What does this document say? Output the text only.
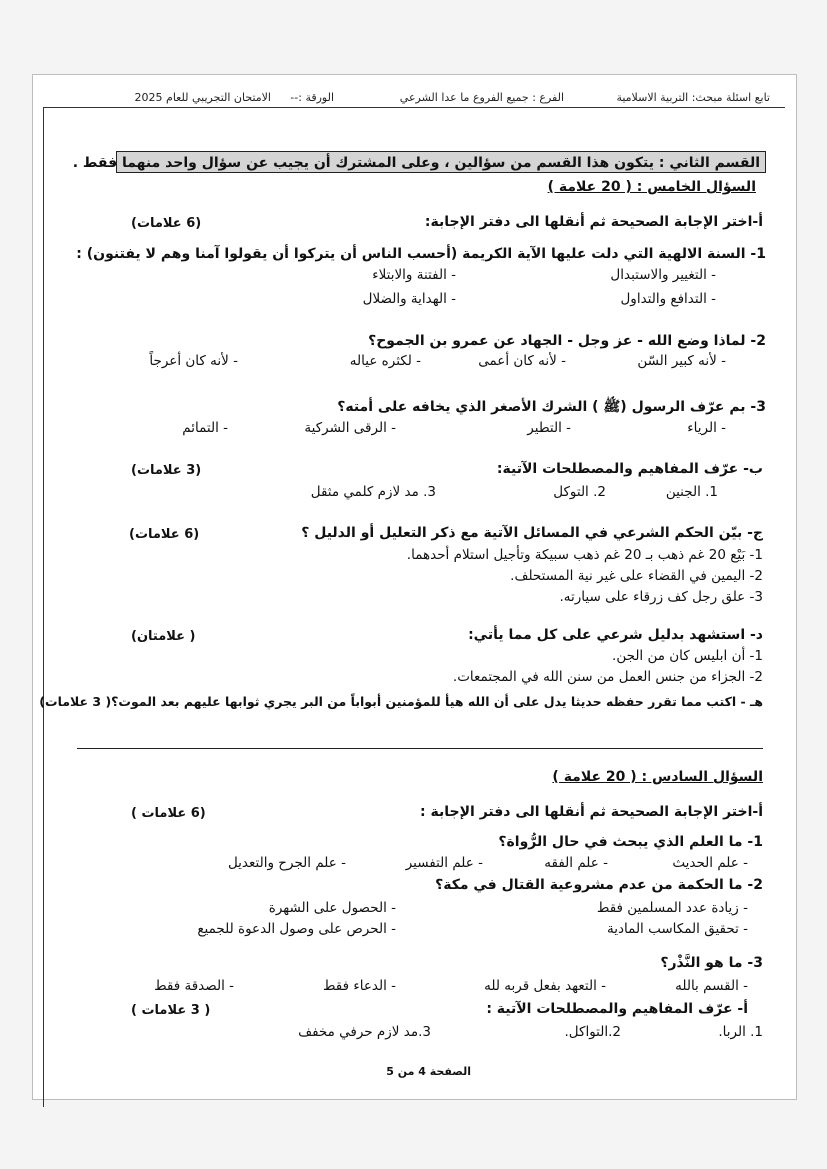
تابع اسئلة مبحث: التربية الاسلامية
الفرع : جميع الفروع ما عدا الشرعي
الورقة :--
الامتحان التجريبي للعام 2025
القسم الثاني : يتكون هذا القسم من سؤالين ، وعلى المشترك أن يجيب عن سؤال واحد منهما فقط .
السؤال الخامس : ( 20 علامة )
أ-اختر الإجابة الصحيحة ثم أنقلها الى دفتر الإجابة:
(6 علامات)
1- السنة الالهية التي دلت عليها الآية الكريمة (أحسب الناس أن يتركوا أن يقولوا آمنا وهم لا يفتنون) :
- التغيير والاستبدال
- الفتنة والابتلاء
- التدافع والتداول
- الهداية والضلال
2- لماذا وضع الله - عز وجل - الجهاد عن عمرو بن الجموح؟
- لأنه كبير السّن
- لأنه كان أعمى
- لكثره عياله
- لأنه كان أعرجاً
3- بم عرّف الرسول (ﷺ ) الشرك الأصغر الذي يخافه على أمته؟
- الرياء
- التطير
- الرقى الشركية
- التمائم
ب- عرّف المفاهيم والمصطلحات الآتية:
(3 علامات)
1. الجنين
2. التوكل
3. مد لازم كلمي مثقل
ج- بيّن الحكم الشرعي في المسائل الآتية مع ذكر التعليل أو الدليل ؟
(6 علامات)
1- بَيْع 20 غم ذهب بـ 20 غم ذهب سبيكة وتأجيل استلام أحدهما.
2- اليمين في القضاء على غير نية المستحلف.
3- علق رجل كف زرقاء على سيارته.
د- استشهد بدليل شرعي على كل مما يأتي:
( علامتان)
1- أن ابليس كان من الجن.
2- الجزاء من جنس العمل من سنن الله في المجتمعات.
هـ - اكتب مما تقرر حفظه حديثا يدل على أن الله هيأ للمؤمنين أبواباً من البر يجري ثوابها عليهم بعد الموت؟( 3 علامات)
السؤال السادس : ( 20 علامة )
أ-اختر الإجابة الصحيحة ثم أنقلها الى دفتر الإجابة :
(6 علامات )
1- ما العلم الذي يبحث في حال الرُّواة؟
- علم الحديث
- علم الفقه
- علم التفسير
- علم الجرح والتعديل
2- ما الحكمة من عدم مشروعية القتال في مكة؟
- زيادة عدد المسلمين فقط
- الحصول على الشهرة
- تحقيق المكاسب المادية
- الحرص على وصول الدعوة للجميع
3- ما هو النَّذْر؟
- القسم بالله
- التعهد بفعل قربه لله
- الدعاء فقط
- الصدقة فقط
أ- عرّف المفاهيم والمصطلحات الآتية :
( 3 علامات )
1. الربا.
2.التواكل.
3.مد لازم حرفي مخفف
الصفحة 4 من 5
